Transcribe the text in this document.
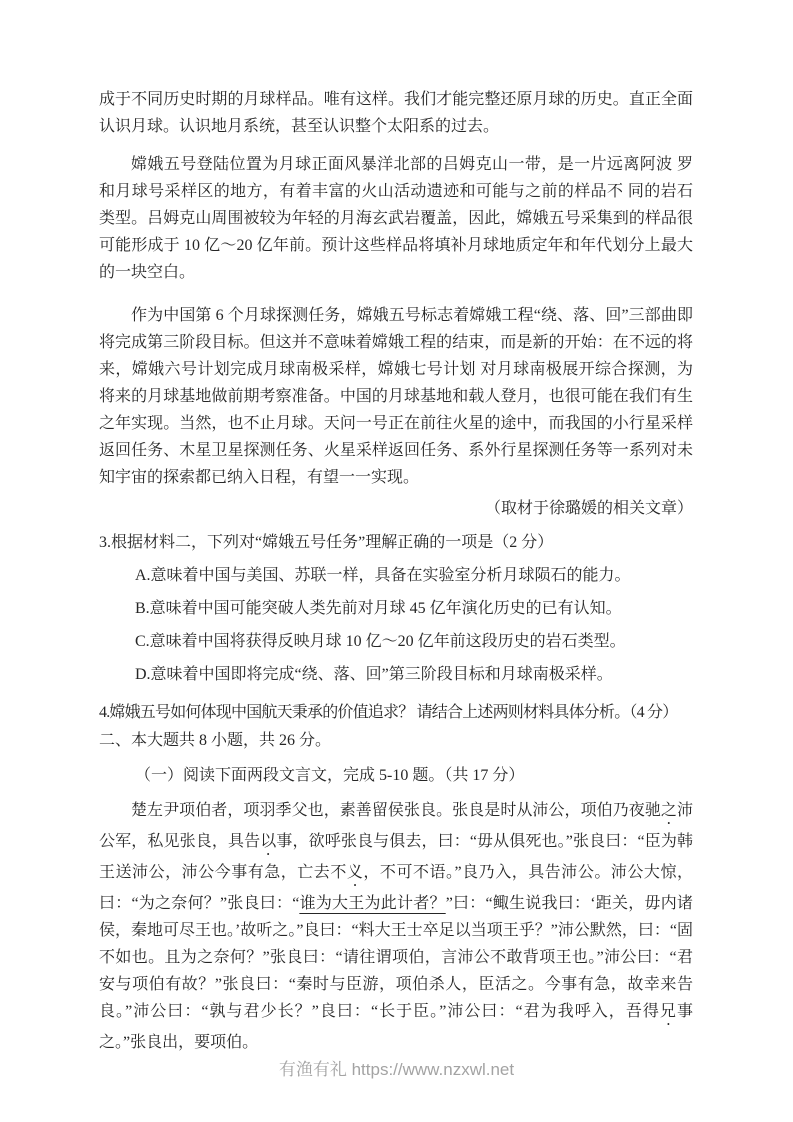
成于不同历史时期的月球样品。唯有这样。我们才能完整还原月球的历史。直正全面认识月球。认识地月系统，甚至认识整个太阳系的过去。

嫦娥五号登陆位置为月球正面风暴洋北部的吕姆克山一带，是一片远离阿波 罗和月球号采样区的地方，有着丰富的火山活动遗迹和可能与之前的样品不 同的岩石类型。吕姆克山周围被较为年轻的月海玄武岩覆盖，因此，嫦娥五号采集到的样品很可能形成于 10 亿～20 亿年前。预计这些样品将填补月球地质定年和年代划分上最大的一块空白。

作为中国第 6 个月球探测任务，嫦娥五号标志着嫦娥工程“绕、落、回”三部曲即将完成第三阶段目标。但这并不意味着嫦娥工程的结束，而是新的开始：在不远的将来，嫦娥六号计划完成月球南极采样，嫦娥七号计划 对月球南极展开综合探测，为将来的月球基地做前期考察准备。中国的月球基地和载人登月，也很可能在我们有生之年实现。当然，也不止月球。天问一号正在前往火星的途中，而我国的小行星采样返回任务、木星卫星探测任务、火星采样返回任务、系外行星探测任务等一系列对未知宇宙的探索都已纳入日程，有望一一实现。

（取材于徐璐媛的相关文章）

3.根据材料二，下列对“嫦娥五号任务”理解正确的一项是（2 分）

A.意味着中国与美国、苏联一样，具备在实验室分析月球陨石的能力。

B.意味着中国可能突破人类先前对月球 45 亿年演化历史的已有认知。

C.意味着中国将获得反映月球 10 亿～20 亿年前这段历史的岩石类型。

D.意味着中国即将完成“绕、落、回”第三阶段目标和月球南极采样。

4.嫦娥五号如何体现中国航天秉承的价值追求？ 请结合上述两则材料具体分析。（4 分）

二、本大题共 8 小题，共 26 分。

（一）阅读下面两段文言文，完成 5-10 题。（共 17 分）

楚左尹项伯者，项羽季父也，素善留侯张良。张良是时从沛公，项伯乃夜驰之沛公军，私见张良，具告以事，欲呼张良与俱去，曰：“毋从俱死也。”张良曰：“臣为韩王送沛公，沛公今事有急，亡去不义，不可不语。”良乃入，具告沛公。沛公大惊，曰：“为之奈何？”张良曰：“谁为大王为此计者？”曰：“鲰生说我曰：‘距关，毋内诸侯，秦地可尽王也。’故听之。”良曰：“料大王士卒足以当项王乎？”沛公默然，曰：“固不如也。且为之奈何？”张良曰：“请往谓项伯，言沛公不敢背项王也。”沛公曰：“君安与项伯有故？”张良曰：“秦时与臣游，项伯杀人，臣活之。今事有急，故幸来告良。”沛公曰：“孰与君少长？”良曰：“长于臣。”沛公曰：“君为我呼入，吾得兄事之。”张良出，要项伯。

有渔有礼 https://www.nzxwl.net
